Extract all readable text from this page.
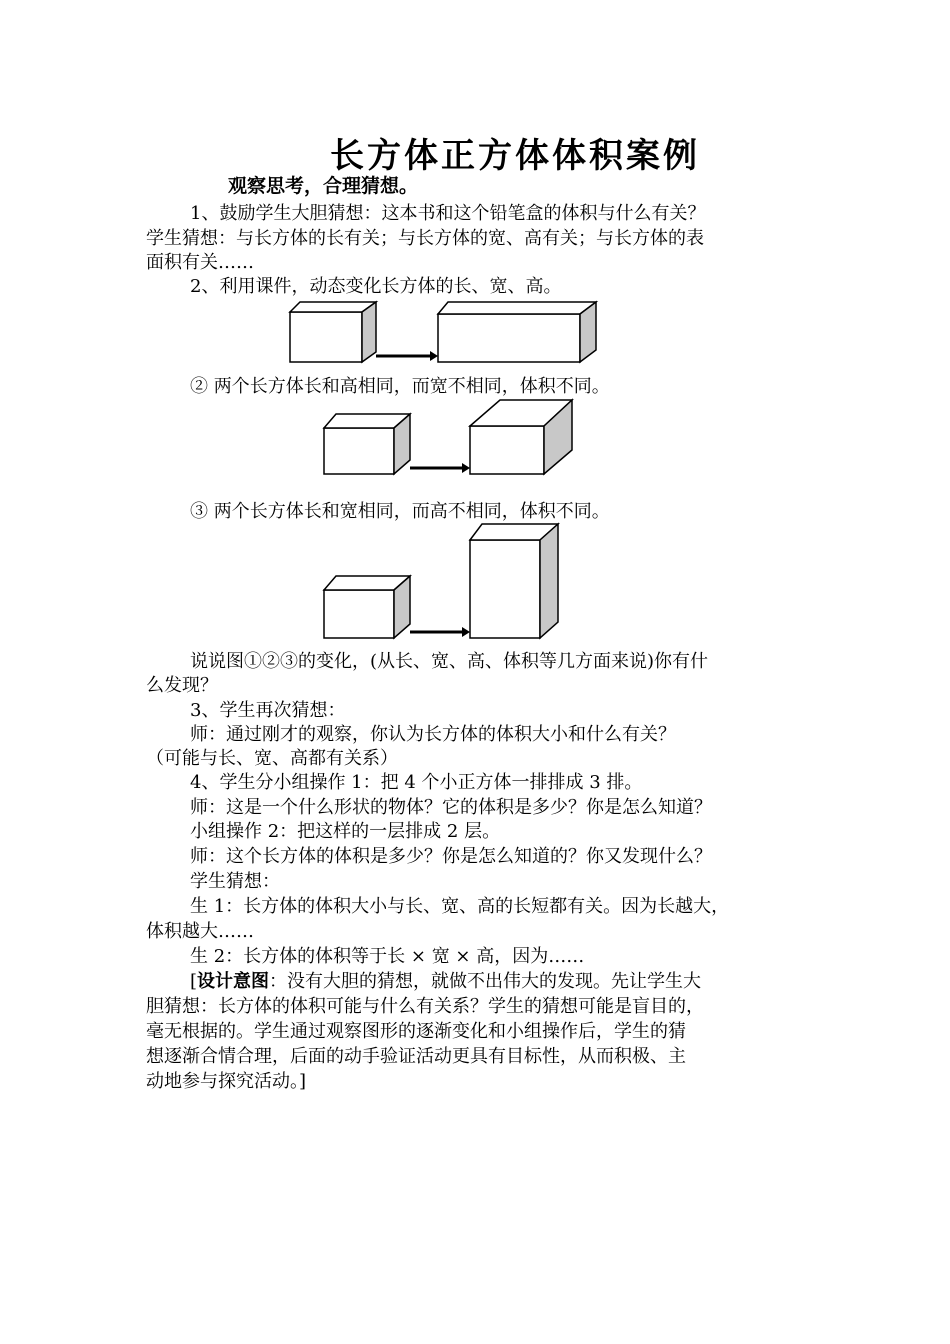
长方体正方体体积案例
观察思考，合理猜想。
1、鼓励学生大胆猜想：这本书和这个铅笔盒的体积与什么有关？
学生猜想：与长方体的长有关；与长方体的宽、高有关；与长方体的表
面积有关……
2、利用课件，动态变化长方体的长、宽、高。
② 两个长方体长和高相同，而宽不相同，体积不同。
③ 两个长方体长和宽相同，而高不相同，体积不同。
说说图①②③的变化，(从长、宽、高、体积等几方面来说)你有什
么发现？
3、学生再次猜想：
师：通过刚才的观察，你认为长方体的体积大小和什么有关？
（可能与长、宽、高都有关系）
4、学生分小组操作 1：把 4 个小正方体一排排成 3 排。
师：这是一个什么形状的物体？它的体积是多少？你是怎么知道？
小组操作 2：把这样的一层排成 2 层。
师：这个长方体的体积是多少？你是怎么知道的？你又发现什么？
学生猜想：
生 1：长方体的体积大小与长、宽、高的长短都有关。因为长越大，
体积越大……
生 2：长方体的体积等于长 × 宽 × 高，因为……
[设计意图：没有大胆的猜想，就做不出伟大的发现。先让学生大
胆猜想：长方体的体积可能与什么有关系？学生的猜想可能是盲目的，
毫无根据的。学生通过观察图形的逐渐变化和小组操作后，学生的猜
想逐渐合情合理，后面的动手验证活动更具有目标性，从而积极、主
动地参与探究活动。]
